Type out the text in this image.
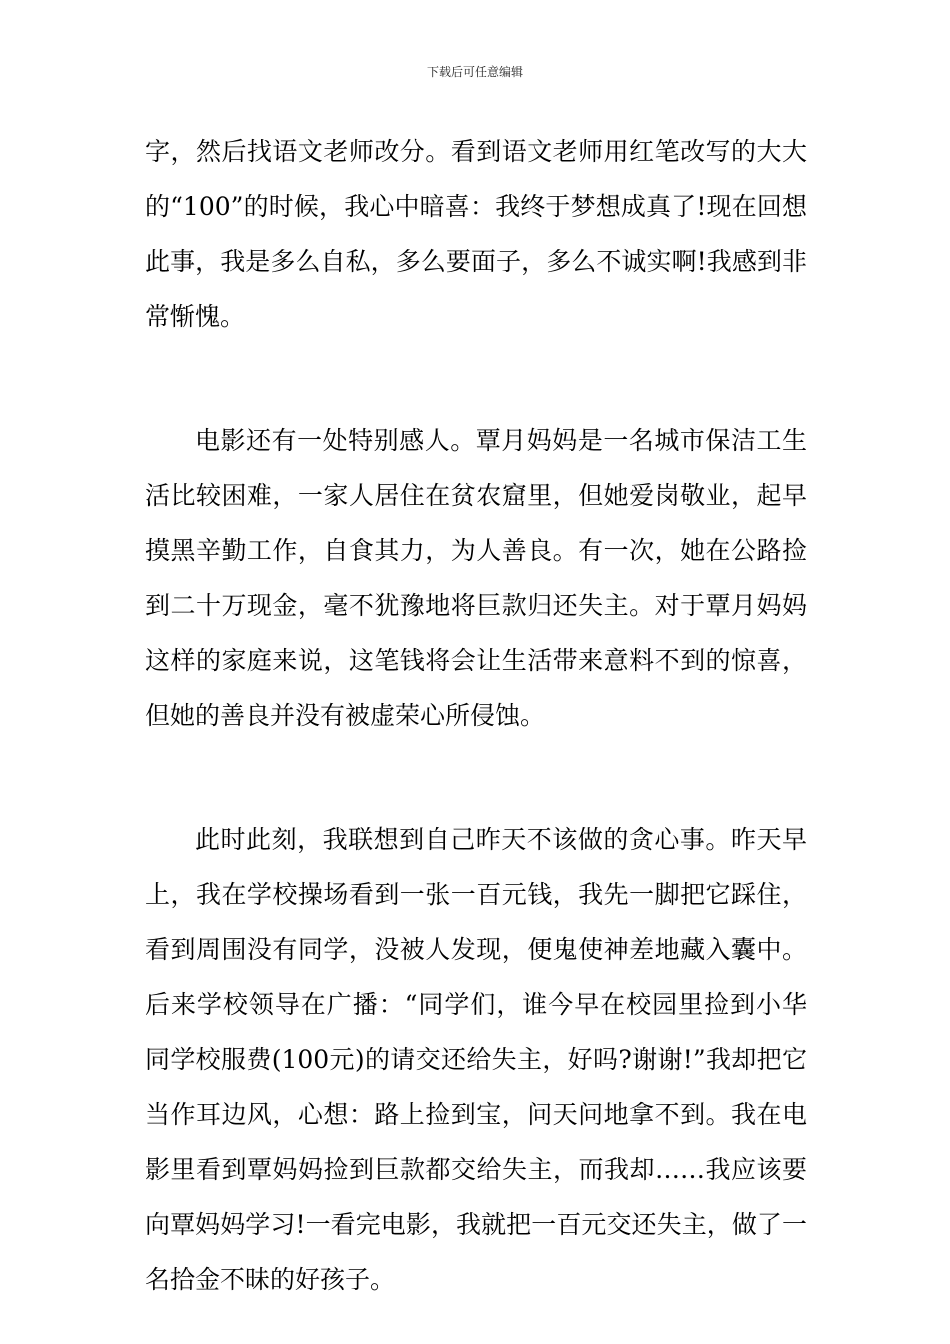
下载后可任意编辑

字，然后找语文老师改分。看到语文老师用红笔改写的大大的“100”的时候，我心中暗喜：我终于梦想成真了!现在回想此事，我是多么自私，多么要面子，多么不诚实啊!我感到非常惭愧。

电影还有一处特别感人。覃月妈妈是一名城市保洁工生活比较困难，一家人居住在贫农窟里，但她爱岗敬业，起早摸黑辛勤工作，自食其力，为人善良。有一次，她在公路捡到二十万现金，毫不犹豫地将巨款归还失主。对于覃月妈妈这样的家庭来说，这笔钱将会让生活带来意料不到的惊喜，但她的善良并没有被虚荣心所侵蚀。

此时此刻，我联想到自己昨天不该做的贪心事。昨天早上，我在学校操场看到一张一百元钱，我先一脚把它踩住，看到周围没有同学，没被人发现，便鬼使神差地藏入囊中。后来学校领导在广播：“同学们，谁今早在校园里捡到小华同学校服费(100元)的请交还给失主，好吗?谢谢!”我却把它当作耳边风，心想：路上捡到宝，问天问地拿不到。我在电影里看到覃妈妈捡到巨款都交给失主，而我却……我应该要向覃妈妈学习!一看完电影，我就把一百元交还失主，做了一名拾金不昧的好孩子。
